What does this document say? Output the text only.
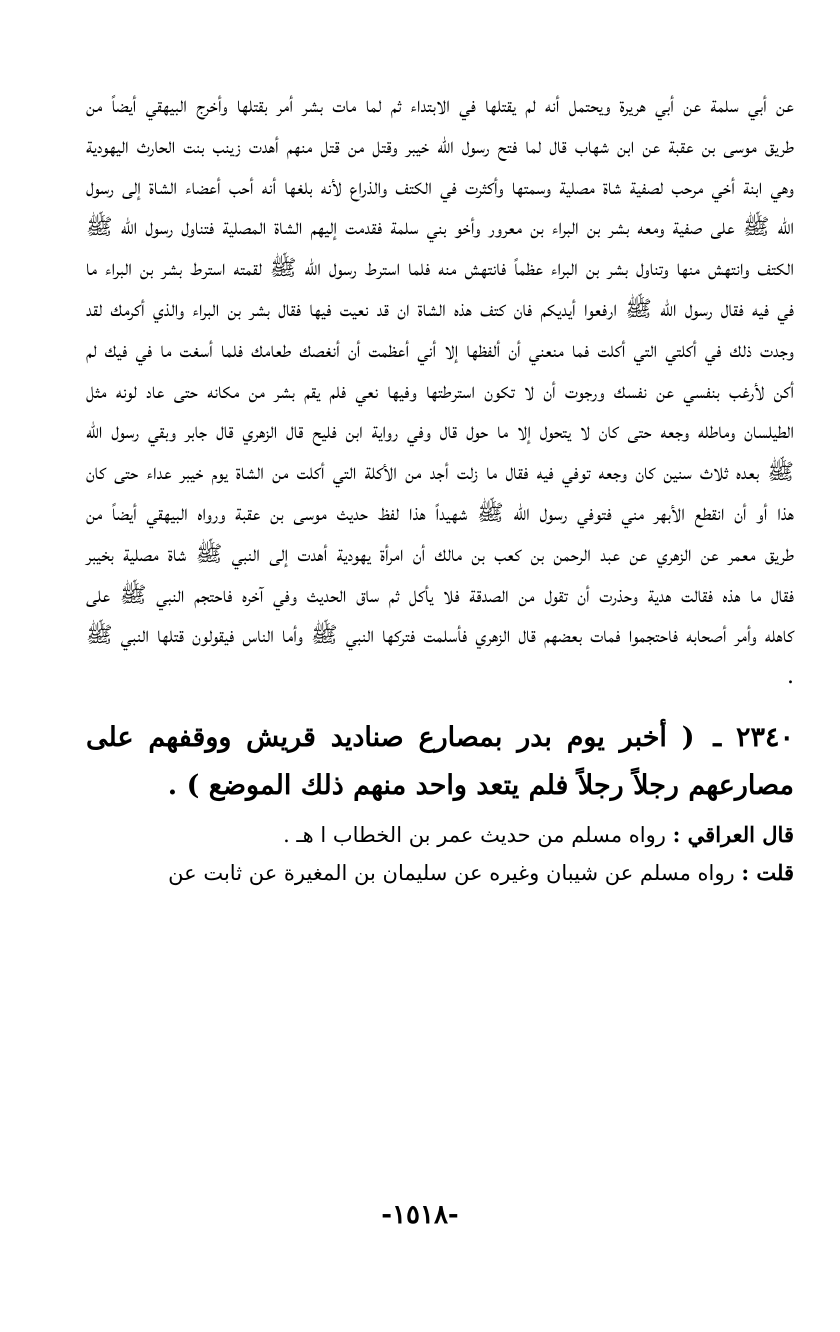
عن أبي سلمة عن أبي هريرة ويحتمل أنه لم يقتلها في الابتداء ثم لما مات بشر أمر بقتلها وأخرج البيهقي أيضاً من طريق موسى بن عقبة عن ابن شهاب قال لما فتح رسول الله خيبر وقتل من قتل منهم أهدت زينب بنت الحارث اليهودية وهي ابنة أخي مرحب لصفية شاة مصلية وسمتها وأكثرت في الكتف والذراع لأنه بلغها أنه أحب أعضاء الشاة إلى رسول الله ﷺ على صفية ومعه بشر بن البراء بن معرور وأخو بني سلمة فقدمت إليهم الشاة المصلية فتناول رسول الله ﷺ الكتف وانتهش منها وتناول بشر بن البراء عظماً فانتهش منه فلما استرط رسول الله ﷺ لقمته استرط بشر بن البراء ما في فيه فقال رسول الله ﷺ ارفعوا أيديكم فان كتف هذه الشاة ان قد نعيت فيها فقال بشر بن البراء والذي أكرمك لقد وجدت ذلك في أكلتي التي أكلت فما منعني أن ألفظها إلا أني أعظمت أن أنغصك طعامك فلما أسغت ما في فيك لم أكن لأرغب بنفسي عن نفسك ورجوت أن لا تكون استرطتها وفيها نعي فلم يقم بشر من مكانه حتى عاد لونه مثل الطيلسان وماطله وجعه حتى كان لا يتحول إلا ما حول قال وفي رواية ابن فليح قال الزهري قال جابر وبقي رسول الله ﷺ بعده ثلاث سنين كان وجعه توفي فيه فقال ما زلت أجد من الأكلة التي أكلت من الشاة يوم خيبر عداء حتى كان هذا أو أن انقطع الأبهر مني فتوفي رسول الله ﷺ شهيداً هذا لفظ حديث موسى بن عقبة ورواه البيهقي أيضاً من طريق معمر عن الزهري عن عبد الرحمن بن كعب بن مالك أن امرأة يهودية أهدت إلى النبي ﷺ شاة مصلية بخيبر فقال ما هذه فقالت هدية وحذرت أن تقول من الصدقة فلا يأكل ثم ساق الحديث وفي آخره فاحتجم النبي ﷺ على كاهله وأمر أصحابه فاحتجموا فمات بعضهم قال الزهري فأسلمت فتركها النبي ﷺ وأما الناس فيقولون قتلها النبي ﷺ .

٢٣٤٠ ـ ( أخبر يوم بدر بمصارع صناديد قريش ووقفهم على مصارعهم رجلاً رجلاً فلم يتعد واحد منهم ذلك الموضع ) .

قال العراقي : رواه مسلم من حديث عمر بن الخطاب ا هـ .

قلت : رواه مسلم عن شيبان وغيره عن سليمان بن المغيرة عن ثابت عن

-١٥١٨-
